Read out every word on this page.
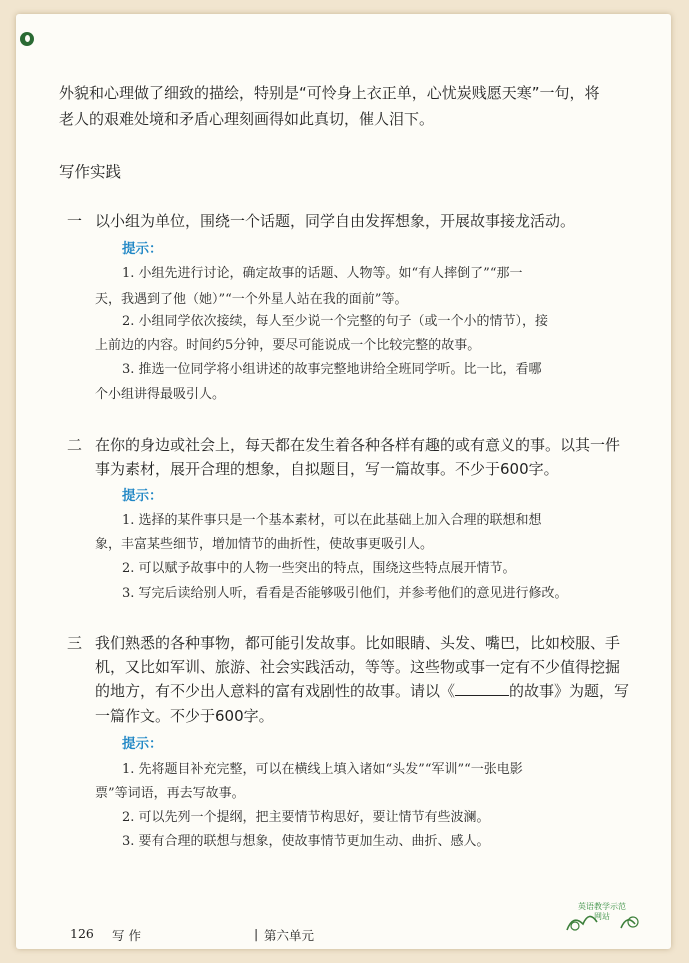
外貌和心理做了细致的描绘，特别是“可怜身上衣正单，心忧炭贱愿天寒”一句，将
老人的艰难处境和矛盾心理刻画得如此真切，催人泪下。
写作实践
一 以小组为单位，围绕一个话题，同学自由发挥想象，开展故事接龙活动。
提示：
1. 小组先进行讨论，确定故事的话题、人物等。如“有人摔倒了”“那一
天，我遇到了他（她）”“一个外星人站在我的面前”等。
2. 小组同学依次接续，每人至少说一个完整的句子（或一个小的情节），接
上前边的内容。时间约5分钟，要尽可能说成一个比较完整的故事。
3. 推选一位同学将小组讲述的故事完整地讲给全班同学听。比一比，看哪
个小组讲得最吸引人。
二 在你的身边或社会上，每天都在发生着各种各样有趣的或有意义的事。以其一件
事为素材，展开合理的想象，自拟题目，写一篇故事。不少于600字。
提示：
1. 选择的某件事只是一个基本素材，可以在此基础上加入合理的联想和想
象，丰富某些细节，增加情节的曲折性，使故事更吸引人。
2. 可以赋予故事中的人物一些突出的特点，围绕这些特点展开情节。
3. 写完后读给别人听，看看是否能够吸引他们，并参考他们的意见进行修改。
三 我们熟悉的各种事物，都可能引发故事。比如眼睛、头发、嘴巴，比如校服、手
机，又比如军训、旅游、社会实践活动，等等。这些物或事一定有不少值得挖掘
的地方，有不少出人意料的富有戏剧性的故事。请以《	的故事》为题，写
一篇作文。不少于600字。
提示：
1. 先将题目补充完整，可以在横线上填入诸如“头发”“军训”“一张电影
票”等词语，再去写故事。
2. 可以先列一个提纲，把主要情节构思好，要让情节有些波澜。
3. 要有合理的联想与想象，使故事情节更加生动、曲折、感人。
126 写 作	| 第六单元
英语教学示范网站
